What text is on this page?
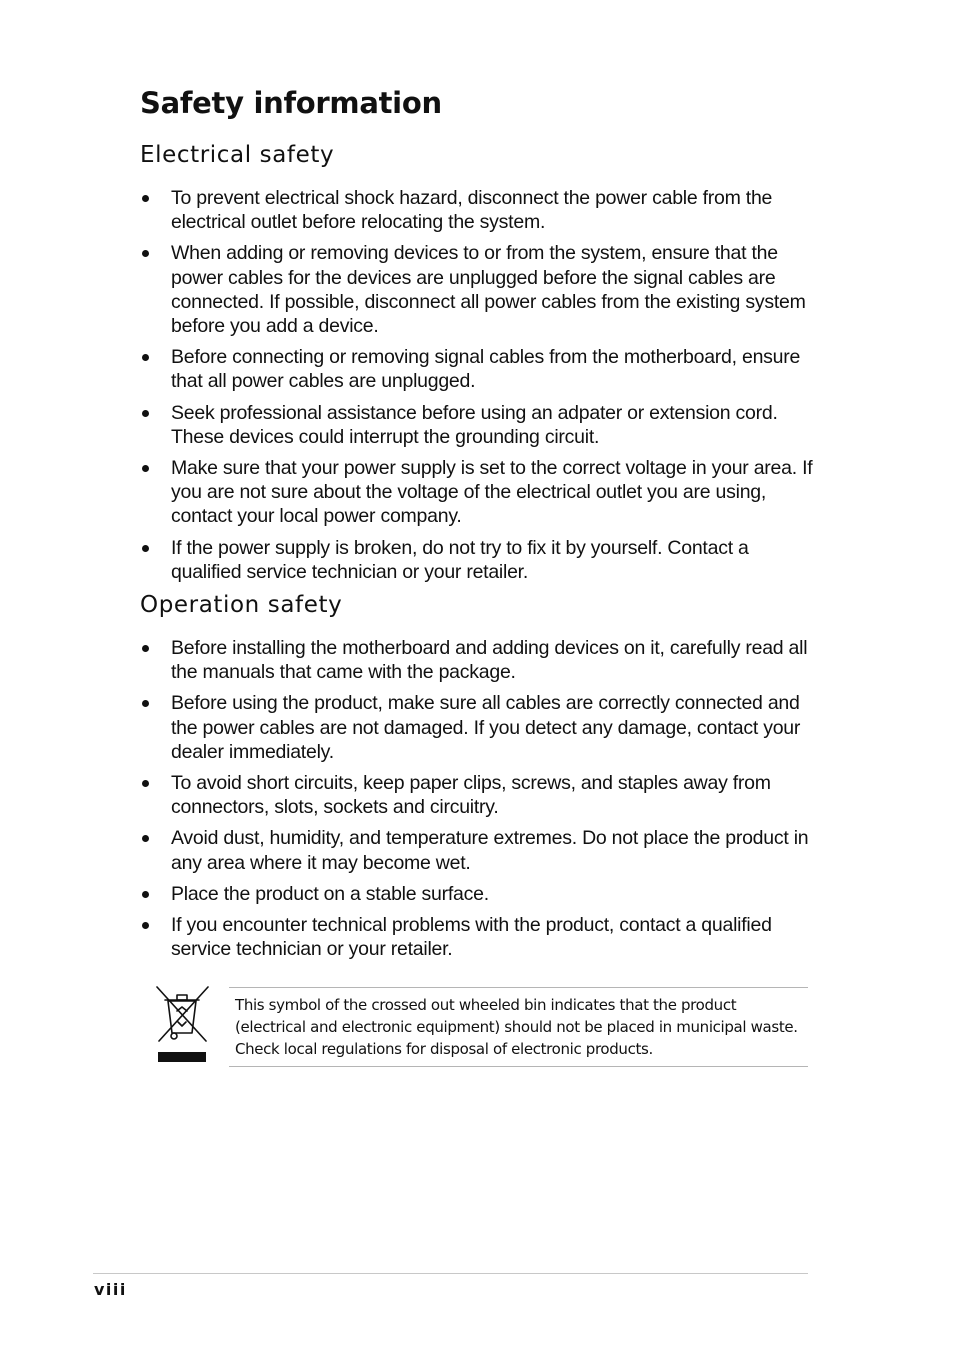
Safety information
Electrical safety
To prevent electrical shock hazard, disconnect the power cable from the electrical outlet before relocating the system.
When adding or removing devices to or from the system, ensure that the power cables for the devices are unplugged before the signal cables are connected. If possible, disconnect all power cables from the existing system before you add a device.
Before connecting or removing signal cables from the motherboard, ensure that all power cables are unplugged.
Seek professional assistance before using an adpater or extension cord. These devices could interrupt the grounding circuit.
Make sure that your power supply is set to the correct voltage in your area. If you are not sure about the voltage of the electrical outlet you are using, contact your local power company.
If the power supply is broken, do not try to fix it by yourself. Contact a qualified service technician or your retailer.
Operation safety
Before installing the motherboard and adding devices on it, carefully read all the manuals that came with the package.
Before using the product, make sure all cables are correctly connected and the power cables are not damaged. If you detect any damage, contact your dealer immediately.
To avoid short circuits, keep paper clips, screws, and staples away from connectors, slots, sockets and circuitry.
Avoid dust, humidity, and temperature extremes. Do not place the product in any area where it may become wet.
Place the product on a stable surface.
If you encounter technical problems with the product, contact a qualified service technician or your retailer.

This symbol of the crossed out wheeled bin indicates that the product (electrical and electronic equipment) should not be placed in municipal waste. Check local regulations for disposal of electronic products.

viii
